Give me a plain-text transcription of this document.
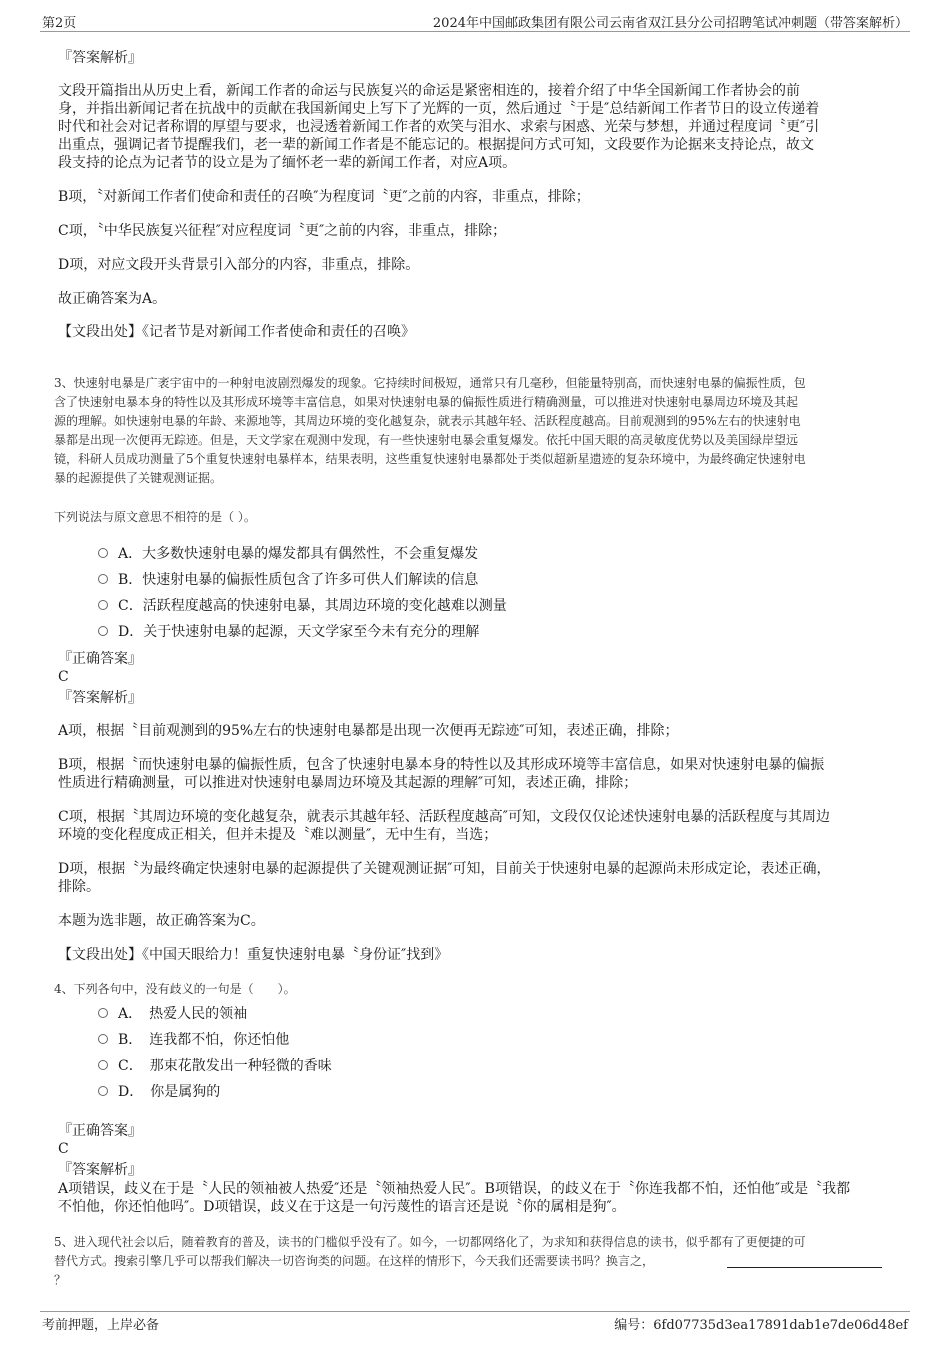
第2页	2024年中国邮政集团有限公司云南省双江县分公司招聘笔试冲刺题（带答案解析）
『答案解析』
文段开篇指出从历史上看，新闻工作者的命运与民族复兴的命运是紧密相连的，接着介绍了中华全国新闻工作者协会的前
身，并指出新闻记者在抗战中的贡献在我国新闻史上写下了光辉的一页，然后通过〝于是″总结新闻工作者节日的设立传递着
时代和社会对记者称谓的厚望与要求，也浸透着新闻工作者的欢笑与泪水、求索与困惑、光荣与梦想，并通过程度词〝更″引
出重点，强调记者节提醒我们，老一辈的新闻工作者是不能忘记的。根据提问方式可知，文段要作为论据来支持论点，故文
段支持的论点为记者节的设立是为了缅怀老一辈的新闻工作者，对应A项。
B项，〝对新闻工作者们使命和责任的召唤″为程度词〝更″之前的内容，非重点，排除；
C项，〝中华民族复兴征程″对应程度词〝更″之前的内容，非重点，排除；
D项，对应文段开头背景引入部分的内容，非重点，排除。
故正确答案为A。
【文段出处】《记者节是对新闻工作者使命和责任的召唤》
3、快速射电暴是广袤宇宙中的一种射电波剧烈爆发的现象。它持续时间极短，通常只有几毫秒，但能量特别高，而快速射电暴的偏振性质，包
含了快速射电暴本身的特性以及其形成环境等丰富信息，如果对快速射电暴的偏振性质进行精确测量，可以推进对快速射电暴周边环境及其起
源的理解。如快速射电暴的年龄、来源地等，其周边环境的变化越复杂，就表示其越年轻、活跃程度越高。目前观测到的95%左右的快速射电
暴都是出现一次便再无踪迹。但是，天文学家在观测中发现，有一些快速射电暴会重复爆发。依托中国天眼的高灵敏度优势以及美国绿岸望远
镜，科研人员成功测量了5个重复快速射电暴样本，结果表明，这些重复快速射电暴都处于类似超新星遗迹的复杂环境中，为最终确定快速射电
暴的起源提供了关键观测证据。
下列说法与原文意思不相符的是（ ）。
A．大多数快速射电暴的爆发都具有偶然性，不会重复爆发
B．快速射电暴的偏振性质包含了许多可供人们解读的信息
C．活跃程度越高的快速射电暴，其周边环境的变化越难以测量
D．关于快速射电暴的起源，天文学家至今未有充分的理解
『正确答案』
C
『答案解析』
A项，根据〝目前观测到的95%左右的快速射电暴都是出现一次便再无踪迹″可知，表述正确，排除；
B项，根据〝而快速射电暴的偏振性质，包含了快速射电暴本身的特性以及其形成环境等丰富信息，如果对快速射电暴的偏振
性质进行精确测量，可以推进对快速射电暴周边环境及其起源的理解″可知，表述正确，排除；
C项，根据〝其周边环境的变化越复杂，就表示其越年轻、活跃程度越高″可知，文段仅仅论述快速射电暴的活跃程度与其周边
环境的变化程度成正相关，但并未提及〝难以测量″，无中生有，当选；
D项，根据〝为最终确定快速射电暴的起源提供了关键观测证据″可知，目前关于快速射电暴的起源尚未形成定论，表述正确，
排除。
本题为选非题，故正确答案为C。
【文段出处】《中国天眼给力！重复快速射电暴〝身份证″找到》
4、下列各句中，没有歧义的一句是（　　）。
A．　热爱人民的领袖
B．　连我都不怕，你还怕他
C．　那束花散发出一种轻微的香味
D．　你是属狗的
『正确答案』
C
『答案解析』
A项错误，歧义在于是〝人民的领袖被人热爱″还是〝领袖热爱人民″。B项错误，的歧义在于〝你连我都不怕，还怕他″或是〝我都
不怕他，你还怕他吗″。D项错误，歧义在于这是一句污蔑性的语言还是说〝你的属相是狗″。
5、进入现代社会以后，随着教育的普及，读书的门槛似乎没有了。如今，一切都网络化了，为求知和获得信息的读书，似乎都有了更便捷的可
替代方式。搜索引擎几乎可以帮我们解决一切咨询类的问题。在这样的情形下，今天我们还需要读书吗？换言之，
？
考前押题，上岸必备	编号：6fd07735d3ea17891dab1e7de06d48ef
